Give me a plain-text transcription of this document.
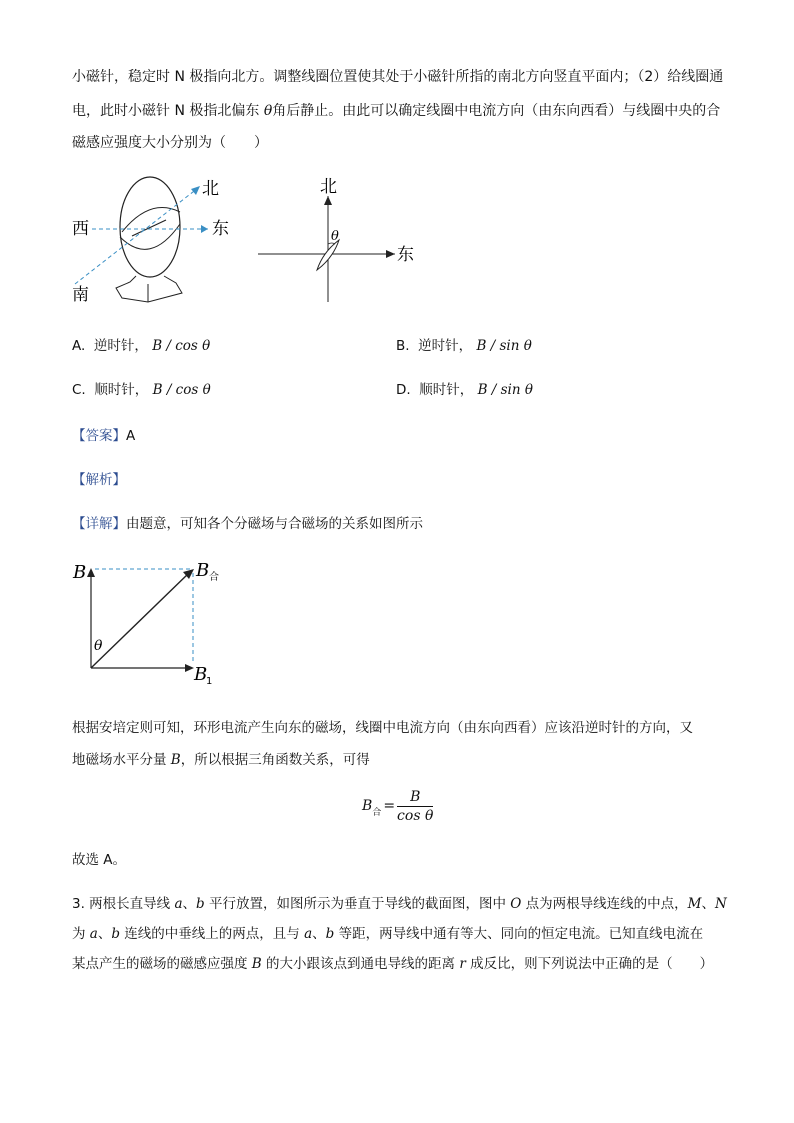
小磁针，稳定时 N 极指向北方。调整线圈位置使其处于小磁针所指的南北方向竖直平面内；（2）给线圈通
电，此时小磁针 N 极指北偏东 θ角后静止。由此可以确定线圈中电流方向（由东向西看）与线圈中央的合
磁感应强度大小分别为（　　）
北
西	东
南
北
东
θ
A. 逆时针， B / cos θ	B. 逆时针， B / sin θ
C. 顺时针， B / cos θ	D. 顺时针， B / sin θ
【答案】A
【解析】
【详解】由题意，可知各个分磁场与合磁场的关系如图所示
B	B 合
B
1
θ
根据安培定则可知，环形电流产生向东的磁场，线圈中电流方向（由东向西看）应该沿逆时针的方向，又
地磁场水平分量 B，所以根据三角函数关系，可得
B 合 =
B
cos θ
故选 A。
3. 两根长直导线 a、b 平行放置，如图所示为垂直于导线的截面图，图中 O 点为两根导线连线的中点，M、N
为 a、b 连线的中垂线上的两点，且与 a、b 等距，两导线中通有等大、同向的恒定电流。已知直线电流在
某点产生的磁场的磁感应强度 B 的大小跟该点到通电导线的距离 r 成反比，则下列说法中正确的是（　　）
